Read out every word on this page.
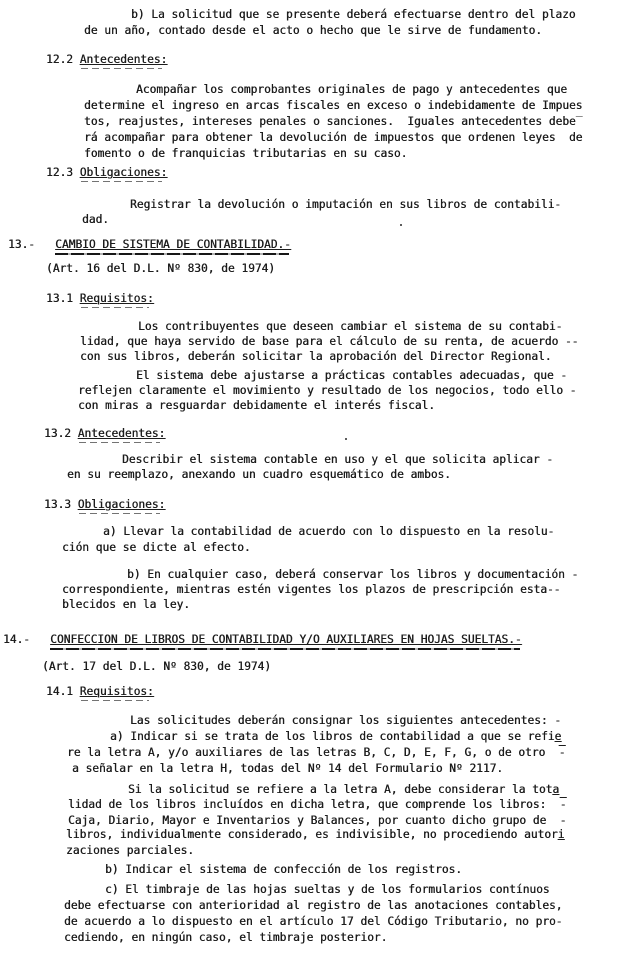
b) La solicitud que se presente deberá efectuarse dentro del plazo
de un año, contado desde el acto o hecho que le sirve de fundamento.
12.2 Antecedentes:
Acompañar los comprobantes originales de pago y antecedentes que
determine el ingreso en arcas fiscales en exceso o indebidamente de Impues
tos, reajustes, intereses penales o sanciones.  Iguales antecedentes debe‾
rá acompañar para obtener la devolución de impuestos que ordenen leyes  de
fomento o de franquicias tributarias en su caso.
12.3 Obligaciones:
Registrar la devolución o imputación en sus libros de contabili-
dad.
13.-   CAMBIO DE SISTEMA DE CONTABILIDAD.-
(Art. 16 del D.L. Nº 830, de 1974)
13.1 Requisitos:
Los contribuyentes que deseen cambiar el sistema de su contabi-
lidad, que haya servido de base para el cálculo de su renta, de acuerdo --
con sus libros, deberán solicitar la aprobación del Director Regional.
El sistema debe ajustarse a prácticas contables adecuadas, que -
reflejen claramente el movimiento y resultado de los negocios, todo ello -
con miras a resguardar debidamente el interés fiscal.
13.2 Antecedentes:
Describir el sistema contable en uso y el que solicita aplicar -
en su reemplazo, anexando un cuadro esquemático de ambos.
13.3 Obligaciones:
a) Llevar la contabilidad de acuerdo con lo dispuesto en la resolu-
ción que se dicte al efecto.
b) En cualquier caso, deberá conservar los libros y documentación -
correspondiente, mientras estén vigentes los plazos de prescripción esta--
blecidos en la ley.
14.-   CONFECCION DE LIBROS DE CONTABILIDAD Y/O AUXILIARES EN HOJAS SUELTAS.-
(Art. 17 del D.L. Nº 830, de 1974)
14.1 Requisitos:
Las solicitudes deberán consignar los siguientes antecedentes: -
a) Indicar si se trata de los libros de contabilidad a que se refie
re la letra A, y/o auxiliares de las letras B, C, D, E, F, G, o de otro  -
a señalar en la letra H, todas del Nº 14 del Formulario Nº 2117.
Si la solicitud se refiere a la letra A, debe considerar la tota
lidad de los libros incluídos en dicha letra, que comprende los libros:  -
Caja, Diario, Mayor e Inventarios y Balances, por cuanto dicho grupo de  -
libros, individualmente considerado, es indivisible, no procediendo autori
zaciones parciales.
b) Indicar el sistema de confección de los registros.
c) El timbraje de las hojas sueltas y de los formularios contínuos
debe efectuarse con anterioridad al registro de las anotaciones contables,
de acuerdo a lo dispuesto en el artículo 17 del Código Tributario, no pro-
cediendo, en ningún caso, el timbraje posterior.
